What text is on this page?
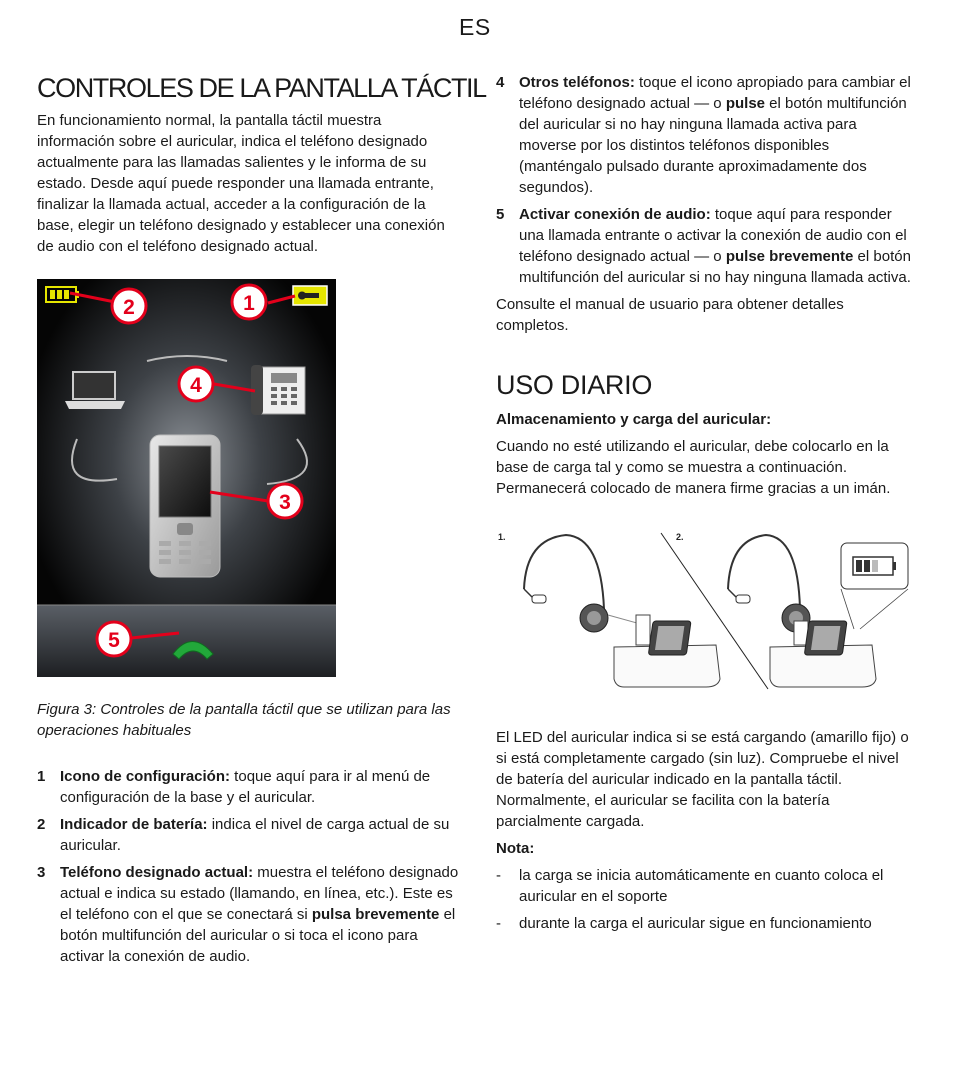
ES
CONTROLES DE LA PANTALLA TÁCTIL

En funcionamiento normal, la pantalla táctil muestra información sobre el auricular, indica el teléfono designado actualmente para las llamadas salientes y le informa de su estado. Desde aquí puede responder una llamada entrante, finalizar la llamada actual, acceder a la configuración de la base, elegir un teléfono designado y establecer una conexión de audio con el teléfono designado actual.

1
2
3
4
5

Figura 3: Controles de la pantalla táctil que se utilizan para las operaciones habituales

1 Icono de configuración: toque aquí para ir al menú de configuración de la base y el auricular.
2 Indicador de batería: indica el nivel de carga actual de su auricular.
3 Teléfono designado actual: muestra el teléfono designado actual e indica su estado (llamando, en línea, etc.). Este es el teléfono con el que se conectará si pulsa brevemente el botón multifunción del auricular o si toca el icono para activar la conexión de audio.
4 Otros teléfonos: toque el icono apropiado para cambiar el teléfono designado actual — o pulse el botón multifunción del auricular si no hay ninguna llamada activa para moverse por los distintos teléfonos disponibles (manténgalo pulsado durante aproximadamente dos segundos).
5 Activar conexión de audio: toque aquí para responder una llamada entrante o activar la conexión de audio con el teléfono designado actual — o pulse brevemente el botón multifunción del auricular si no hay ninguna llamada activa.

Consulte el manual de usuario para obtener detalles completos.

USO DIARIO
Almacenamiento y carga del auricular:

Cuando no esté utilizando el auricular, debe colocarlo en la base de carga tal y como se muestra a continuación. Permanecerá colocado de manera firme gracias a un imán.

1.	2.

El LED del auricular indica si se está cargando (amarillo fijo) o si está completamente cargado (sin luz). Compruebe el nivel de batería del auricular indicado en la pantalla táctil. Normalmente, el auricular se facilita con la batería parcialmente cargada.

Nota:
- la carga se inicia automáticamente en cuanto coloca el auricular en el soporte
- durante la carga el auricular sigue en funcionamiento
